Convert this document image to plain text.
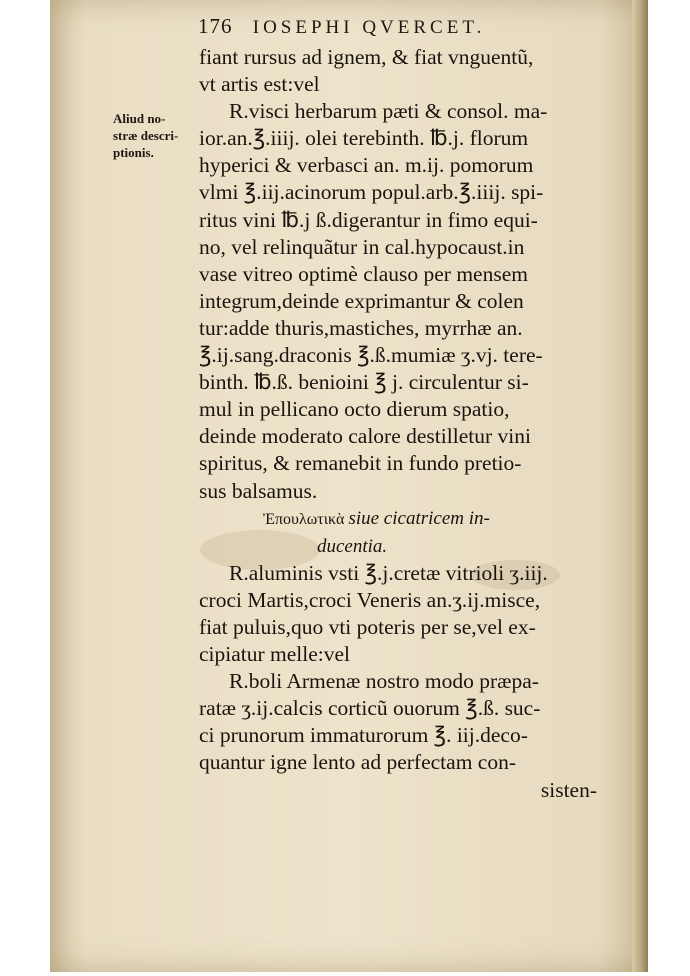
176 IOSEPHI QVERCET.
Aliud no-
stræ descri-
ptionis.
fiant rursus ad ignem, & fiat vnguentũ,
vt artis est:vel
R.visci herbarum pæti & consol. ma-
ior.an.℥.iiij. olei terebinth. ℔.j. florum
hyperici & verbasci an. m.ij. pomorum
vlmi ℥.iij.acinorum popul.arb.℥.iiij. spi-
ritus vini ℔.j ß.digerantur in fimo equi-
no, vel relinquãtur in cal.hypocaust.in
vase vitreo optimè clauso per mensem
integrum,deinde exprimantur & colen
tur:adde thuris,mastiches, myrrhæ an.
℥.ij.sang.draconis ℥.ß.mumiæ ʒ.vj. tere-
binth. ℔.ß. benioini ℥ j. circulentur si-
mul in pellicano octo dierum spatio,
deinde moderato calore destilletur vini
spiritus, & remanebit in fundo pretio-
sus balsamus.
Ἐπουλωτικὰ siue cicatricem in-
ducentia.
R.aluminis vsti ℥.j.cretæ vitrioli ʒ.iij.
croci Martis,croci Veneris an.ʒ.ij.misce,
fiat puluis,quo vti poteris per se,vel ex-
cipiatur melle:vel
R.boli Armenæ nostro modo præpa-
ratæ ʒ.ij.calcis corticũ ouorum ℥.ß. suc-
ci prunorum immaturorum ℥. iij.deco-
quantur igne lento ad perfectam con-
sisten-
